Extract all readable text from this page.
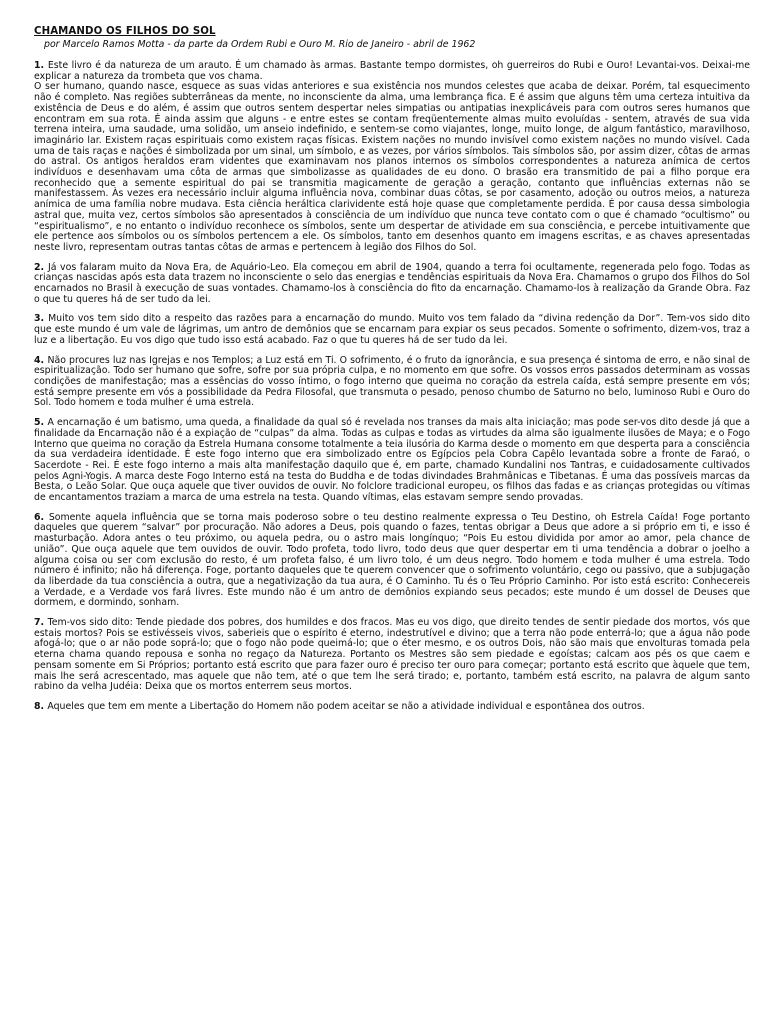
CHAMANDO OS FILHOS DO SOL

por Marcelo Ramos Motta - da parte da Ordem Rubi e Ouro M. Rio de Janeiro - abril de 1962

1. Este livro é da natureza de um arauto. É um chamado às armas. Bastante tempo dormistes, oh guerreiros do Rubi e Ouro! Levantai-vos. Deixai-me explicar a natureza da trombeta que vos chama.

O ser humano, quando nasce, esquece as suas vidas anteriores e sua existência nos mundos celestes que acaba de deixar. Porém, tal esquecimento não é completo. Nas regiões subterrâneas da mente, no inconsciente da alma, uma lembrança fica. E é assim que alguns têm uma certeza intuitiva da existência de Deus e do além, é assim que outros sentem despertar neles simpatias ou antipatias inexplicáveis para com outros seres humanos que encontram em sua rota. É ainda assim que alguns - e entre estes se contam freqüentemente almas muito evoluídas - sentem, através de sua vida terrena inteira, uma saudade, uma solidão, um anseio indefinido, e sentem-se como viajantes, longe, muito longe, de algum fantástico, maravilhoso, imaginário lar. Existem raças espirituais como existem raças físicas. Existem nações no mundo invisível como existem nações no mundo visível. Cada uma de tais raças e nações é simbolizada por um sinal, um símbolo, e as vezes, por vários símbolos. Tais símbolos são, por assim dizer, côtas de armas do astral. Os antigos heraldos eram videntes que examinavam nos planos internos os símbolos correspondentes a natureza anímica de certos indivíduos e desenhavam uma côta de armas que simbolizasse as qualidades de eu dono. O brasão era transmitido de pai a filho porque era reconhecido que a semente espiritual do pai se transmitia magicamente de geração a geração, contanto que influências externas não se manifestassem. Às vezes era necessário incluir alguma influência nova, combinar duas côtas, se por casamento, adoção ou outros meios, a natureza anímica de uma família nobre mudava. Esta ciência heráltica clarividente está hoje quase que completamente perdida. É por causa dessa simbologia astral que, muita vez, certos símbolos são apresentados à consciência de um indivíduo que nunca teve contato com o que é chamado “ocultismo” ou “espiritualismo”, e no entanto o indivíduo reconhece os símbolos, sente um despertar de atividade em sua consciência, e percebe intuitivamente que ele pertence aos símbolos ou os símbolos pertencem a ele. Os símbolos, tanto em desenhos quanto em imagens escritas, e as chaves apresentadas neste livro, representam outras tantas côtas de armas e pertencem à legião dos Filhos do Sol.

2. Já vos falaram muito da Nova Era, de Aquário-Leo. Ela começou em abril de 1904, quando a terra foi ocultamente, regenerada pelo fogo. Todas as crianças nascidas após esta data trazem no inconsciente o selo das energias e tendências espirituais da Nova Era. Chamamos o grupo dos Filhos do Sol encarnados no Brasil à execução de suas vontades. Chamamo-los à consciência do fito da encarnação. Chamamo-los à realização da Grande Obra. Faz o que tu queres há de ser tudo da lei.

3. Muito vos tem sido dito a respeito das razões para a encarnação do mundo. Muito vos tem falado da “divina redenção da Dor”. Tem-vos sido dito que este mundo é um vale de lágrimas, um antro de demônios que se encarnam para expiar os seus pecados. Somente o sofrimento, dizem-vos, traz a luz e a libertação. Eu vos digo que tudo isso está acabado. Faz o que tu queres há de ser tudo da lei.

4. Não procures luz nas Igrejas e nos Templos; a Luz está em Ti. O sofrimento, é o fruto da ignorância, e sua presença é sintoma de erro, e não sinal de espiritualização. Todo ser humano que sofre, sofre por sua própria culpa, e no momento em que sofre. Os vossos erros passados determinam as vossas condições de manifestação; mas a essências do vosso íntimo, o fogo interno que queima no coração da estrela caída, está sempre presente em vós; está sempre presente em vós a possibilidade da Pedra Filosofal, que transmuta o pesado, penoso chumbo de Saturno no belo, luminoso Rubi e Ouro do Sol. Todo homem e toda mulher é uma estrela.

5. A encarnação é um batismo, uma queda, a finalidade da qual só é revelada nos transes da mais alta iniciação; mas pode ser-vos dito desde já que a finalidade da Encarnação não é a expiação de “culpas” da alma. Todas as culpas e todas as virtudes da alma são igualmente ilusões de Maya; e o Fogo Interno que queima no coração da Estrela Humana consome totalmente a teia ilusória do Karma desde o momento em que desperta para a consciência da sua verdadeira identidade. É este fogo interno que era simbolizado entre os Egípcios pela Cobra Capêlo levantada sobre a fronte de Faraó, o Sacerdote - Rei. É este fogo interno a mais alta manifestação daquilo que é, em parte, chamado Kundalini nos Tantras, e cuidadosamente cultivados pelos Agni-Yogis. A marca deste Fogo Interno está na testa do Buddha e de todas divindades Brahmânicas e Tibetanas. É uma das possíveis marcas da Besta, o Leão Solar. Que ouça aquele que tiver ouvidos de ouvir. No folclore tradicional europeu, os filhos das fadas e as crianças protegidas ou vítimas de encantamentos traziam a marca de uma estrela na testa. Quando vítimas, elas estavam sempre sendo provadas.

6. Somente aquela influência que se torna mais poderoso sobre o teu destino realmente expressa o Teu Destino, oh Estrela Caída! Foge portanto daqueles que querem “salvar” por procuração. Não adores a Deus, pois quando o fazes, tentas obrigar a Deus que adore a si próprio em ti, e isso é masturbação. Adora antes o teu próximo, ou aquela pedra, ou o astro mais longínquo; “Pois Eu estou dividida por amor ao amor, pela chance de união”. Que ouça aquele que tem ouvidos de ouvir. Todo profeta, todo livro, todo deus que quer despertar em ti uma tendência a dobrar o joelho a alguma coisa ou ser com exclusão do resto, é um profeta falso, é um livro tolo, é um deus negro. Todo homem e toda mulher é uma estrela. Todo número é infinito; não há diferença. Foge, portanto daqueles que te querem convencer que o sofrimento voluntário, cego ou passivo, que a subjugação da liberdade da tua consciência a outra, que a negativização da tua aura, é O Caminho. Tu és o Teu Próprio Caminho. Por isto está escrito: Conhecereis a Verdade, e a Verdade vos fará livres. Este mundo não é um antro de demônios expiando seus pecados; este mundo é um dossel de Deuses que dormem, e dormindo, sonham.

7. Tem-vos sido dito: Tende piedade dos pobres, dos humildes e dos fracos. Mas eu vos digo, que direito tendes de sentir piedade dos mortos, vós que estais mortos? Pois se estivésseis vivos, saberieis que o espírito é eterno, indestrutível e divino; que a terra não pode enterrá-lo; que a água não pode afogá-lo; que o ar não pode soprá-lo; que o fogo não pode queimá-lo; que o éter mesmo, e os outros Dois, não são mais que envolturas tomada pela eterna chama quando repousa e sonha no regaço da Natureza. Portanto os Mestres são sem piedade e egoístas; calcam aos pés os que caem e pensam somente em Si Próprios; portanto está escrito que para fazer ouro é preciso ter ouro para começar; portanto está escrito que àquele que tem, mais lhe será acrescentado, mas aquele que não tem, até o que tem lhe será tirado; e, portanto, também está escrito, na palavra de algum santo rabino da velha Judéia: Deixa que os mortos enterrem seus mortos.

8. Aqueles que tem em mente a Libertação do Homem não podem aceitar se não a atividade individual e espontânea dos outros.
